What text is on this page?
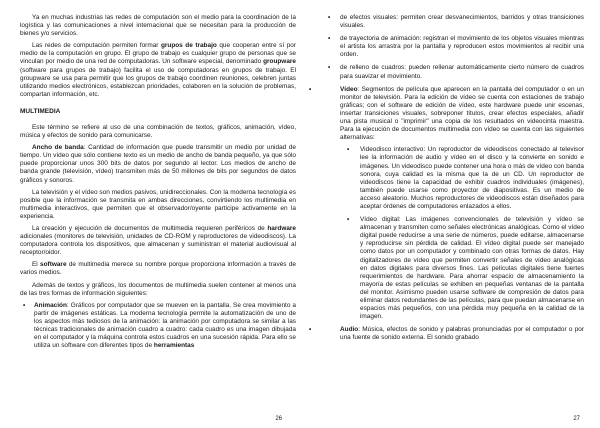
Ya en muchas industrias las redes de computación son el medio para la coordinación de la logística y las comunicaciones a nivel internacional que se necesitan para la producción de bienes y/o servicios.

Las redes de computación permiten formar grupos de trabajo que cooperan entre sí por medio de la computación en grupo. El grupo de trabajo es cualquier grupo de personas que se vinculan por medio de una red de computadoras. Un software especial, denominado groupware (software para grupos de trabajo) facilita el uso de computadoras en grupos de trabajo. El groupware se usa para permitir que los grupos de trabajo coordinen reuniones, celebren juntas utilizando medios electrónicos, establezcan prioridades, colaboren en la solución de problemas, compartan información, etc.

MULTIMEDIA

Este término se refiere al uso de una combinación de textos, gráficos, animación, vídeo, música y efectos de sonido para comunicarse.

Ancho de banda: Cantidad de información que puede transmitir un medio por unidad de tiempo. Un vídeo que sólo contiene texto es un medio de ancho de banda pequeño, ya que sólo puede proporcionar unos 300 bits de datos por segundo al lector. Los medios de ancho de banda grande (televisión, vídeo) transmiten más de 50 millones de bits por segundos de datos gráficos y sonoros.

La televisión y el vídeo son medios pasivos, unidireccionales. Con la moderna tecnología es posible que la información se transmita en ambas direcciones, convirtiendo los multimedia en multimedia interactivos, que permiten que el observador/oyente participe activamente en la experiencia.

La creación y ejecución de documentos de multimedia requieren periféricos de hardware adicionales (monitores de televisión, unidades de CD-ROM y reproductores de videodiscos). La computadora controla los dispositivos, que almacenan y suministran el material audiovisual al receptor/oidor.

El software de multimedia merece su nombre porque proporciona información a través de varios medios.

Además de textos y gráficos, los documentos de multimedia suelen contener al menos una de las tres formas de información siguientes:

• Animación: Gráficos por computador que se mueven en la pantalla. Se crea movimiento a partir de imágenes estáticas. La moderna tecnología permite la automatización de uno de los aspectos más tediosos de la animación: la animación por computadora se similar a las técnicas tradicionales de animación cuadro a cuadro: cada cuadro es una imagen dibujada en el computador y la máquina controla estos cuadros en una sucesión rápida. Para ello se utiliza un software con diferentes tipos de herramientas
26
• de efectos visuales: permiten crear desvanecimientos, barridos y otras transiciones visuales.
• de trayectoria de animación: registran el movimiento de los objetos visuales mientras el artista los arrastra por la pantalla y reproducen estos movimientos al recibir una orden.
• de relleno de cuadros: pueden rellenar automáticamente cierto número de cuadros para suavizar el movimiento.
• Vídeo: Segmentos de película que aparecen en la pantalla del computador o en un monitor de televisión. Para la edición de vídeo se cuenta con estaciones de trabajo gráficas; con el software de edición de vídeo, este hardware puede unir escenas, insertar transiciones visuales, sobreponer títulos, crear efectos especiales, añadir una pista musical o "imprimir" una copia de los resultados en videocinta maestra. Para la ejecución de documentos multimedia con vídeo se cuenta con las siguientes alternativas:
• Videodisco interactivo: Un reproductor de videodiscos conectado al televisor lee la información de audio y vídeo en el disco y la convierte en sonido e imágenes. Un videodisco puede contener una hora o más de vídeo con banda sonora, cuya calidad es la misma que la de un CD. Un reproductor de videodiscos tiene la capacidad de exhibir cuadros individuales (imágenes), también puede usarse como proyector de diapositivas. Es un medio de acceso aleatorio. Muchos reproductores de videodiscos están diseñados para aceptar órdenes de computadores enlazados a ellos.
• Vídeo digital: Las imágenes convencionales de televisión y vídeo se almacenan y transmiten como señales electrónicas analógicas. Como el vídeo digital puede reducirse a una serie de números, puede editarse, almacenarse y reproducirse sin pérdida de calidad. El vídeo digital puede ser manejado como datos por un computador y combinado con otras formas de datos. Hay digitalizadores de vídeo que permiten convertir señales de vídeo analógicas en datos digitales para diversos fines. Las películas digitales tiene fuertes requerimientos de hardware. Para ahorrar espacio de almacenamiento la mayoría de estas películas se exhiben en pequeñas ventanas de la pantalla del monitor. Asimismo pueden usarse software de compresión de datos para eliminar datos redundantes de las películas, para que puedan almacenarse en espacios más pequeños, con una pérdida muy pequeña en la calidad de la imagen.
• Audio: Música, efectos de sonido y palabras pronunciadas por el computador o por una fuente de sonido externa. El sonido grabado
27
